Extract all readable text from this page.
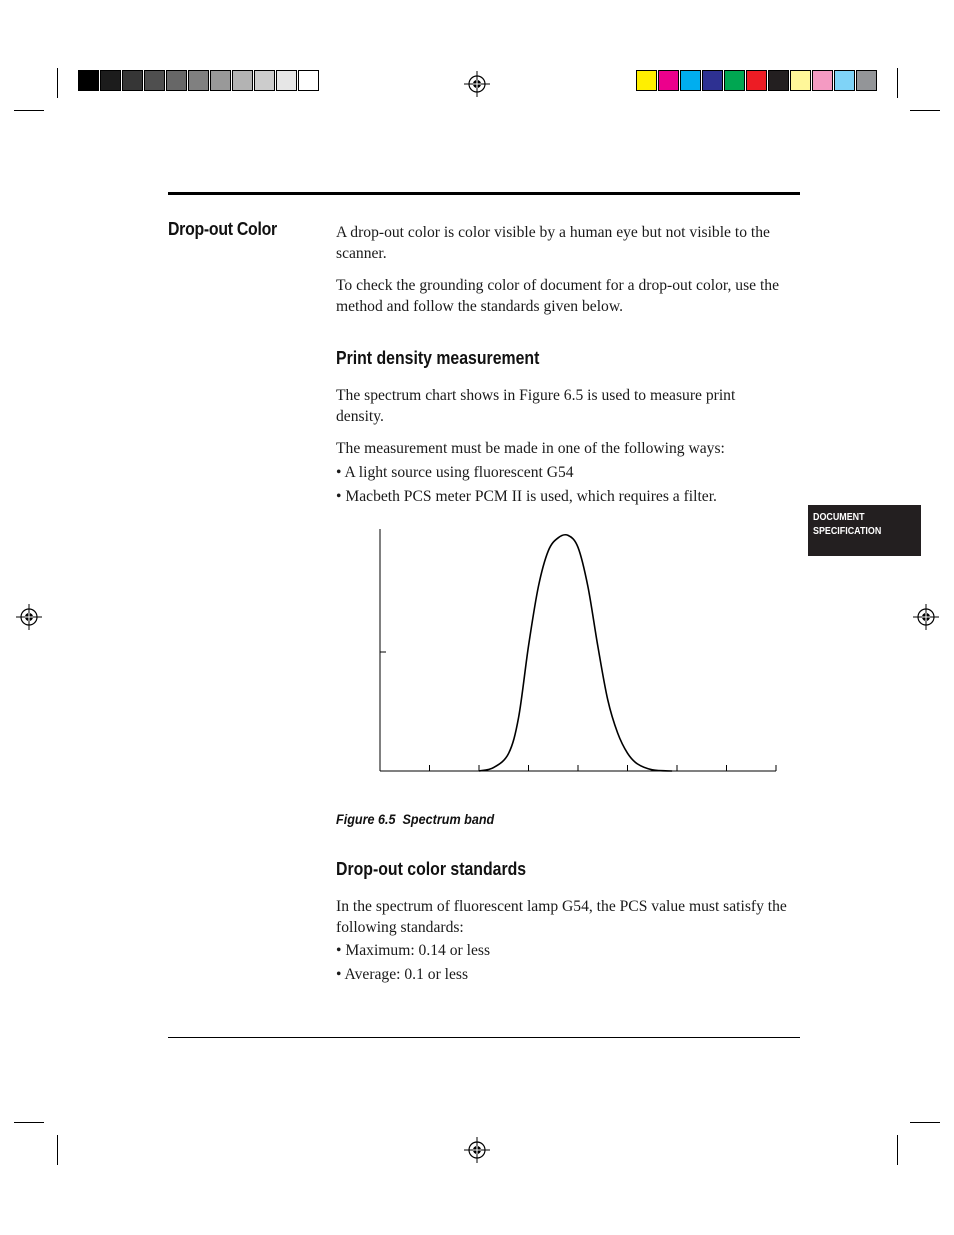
Drop-out Color	A drop-out color is color visible by a human eye but not visible to the scanner.
To check the grounding color of document for a drop-out color, use the method and follow the standards given below.
Print density measurement
The spectrum chart shows in Figure 6.5 is used to measure print density.
The measurement must be made in one of the following ways:
• A light source using fluorescent G54
• Macbeth PCS meter PCM II is used, which requires a filter.
Figure 6.5 Spectrum band
Drop-out color standards
In the spectrum of fluorescent lamp G54, the PCS value must satisfy the following standards:
• Maximum: 0.14 or less
• Average: 0.1 or less
DOCUMENT
SPECIFICATION
